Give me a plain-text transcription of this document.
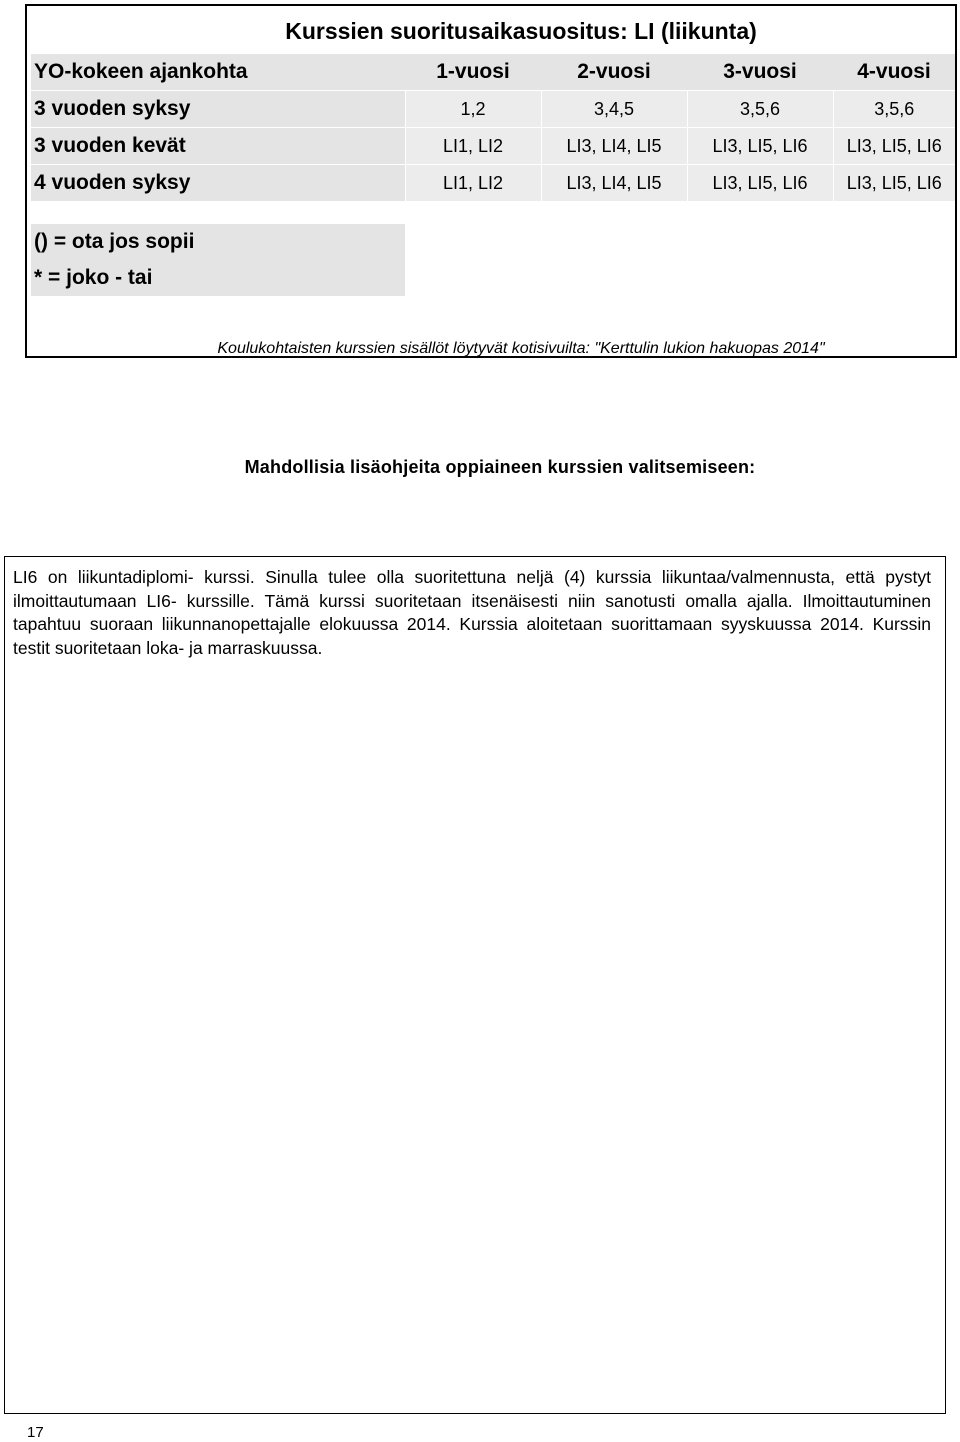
Kurssien suoritusaikasuositus: LI (liikunta)
YO-kokeen ajankohta	1-vuosi	2-vuosi	3-vuosi	4-vuosi
3 vuoden syksy	1,2	3,4,5	3,5,6	3,5,6
3 vuoden kevät	LI1, LI2	LI3, LI4, LI5	LI3, LI5, LI6	LI3, LI5, LI6
4 vuoden syksy	LI1, LI2	LI3, LI4, LI5	LI3, LI5, LI6	LI3, LI5, LI6
() = ota jos sopii
* = joko - tai
Koulukohtaisten kurssien sisällöt löytyvät kotisivuilta: "Kerttulin lukion hakuopas 2014"
Mahdollisia lisäohjeita oppiaineen kurssien valitsemiseen:
LI6 on liikuntadiplomi- kurssi. Sinulla tulee olla suoritettuna neljä (4) kurssia liikuntaa/valmennusta, että pystyt ilmoittautumaan LI6- kurssille. Tämä kurssi suoritetaan itsenäisesti niin sanotusti omalla ajalla. Ilmoittautuminen tapahtuu suoraan liikunnanopettajalle elokuussa 2014. Kurssia aloitetaan suorittamaan syyskuussa 2014. Kurssin testit suoritetaan loka- ja marraskuussa.
17
